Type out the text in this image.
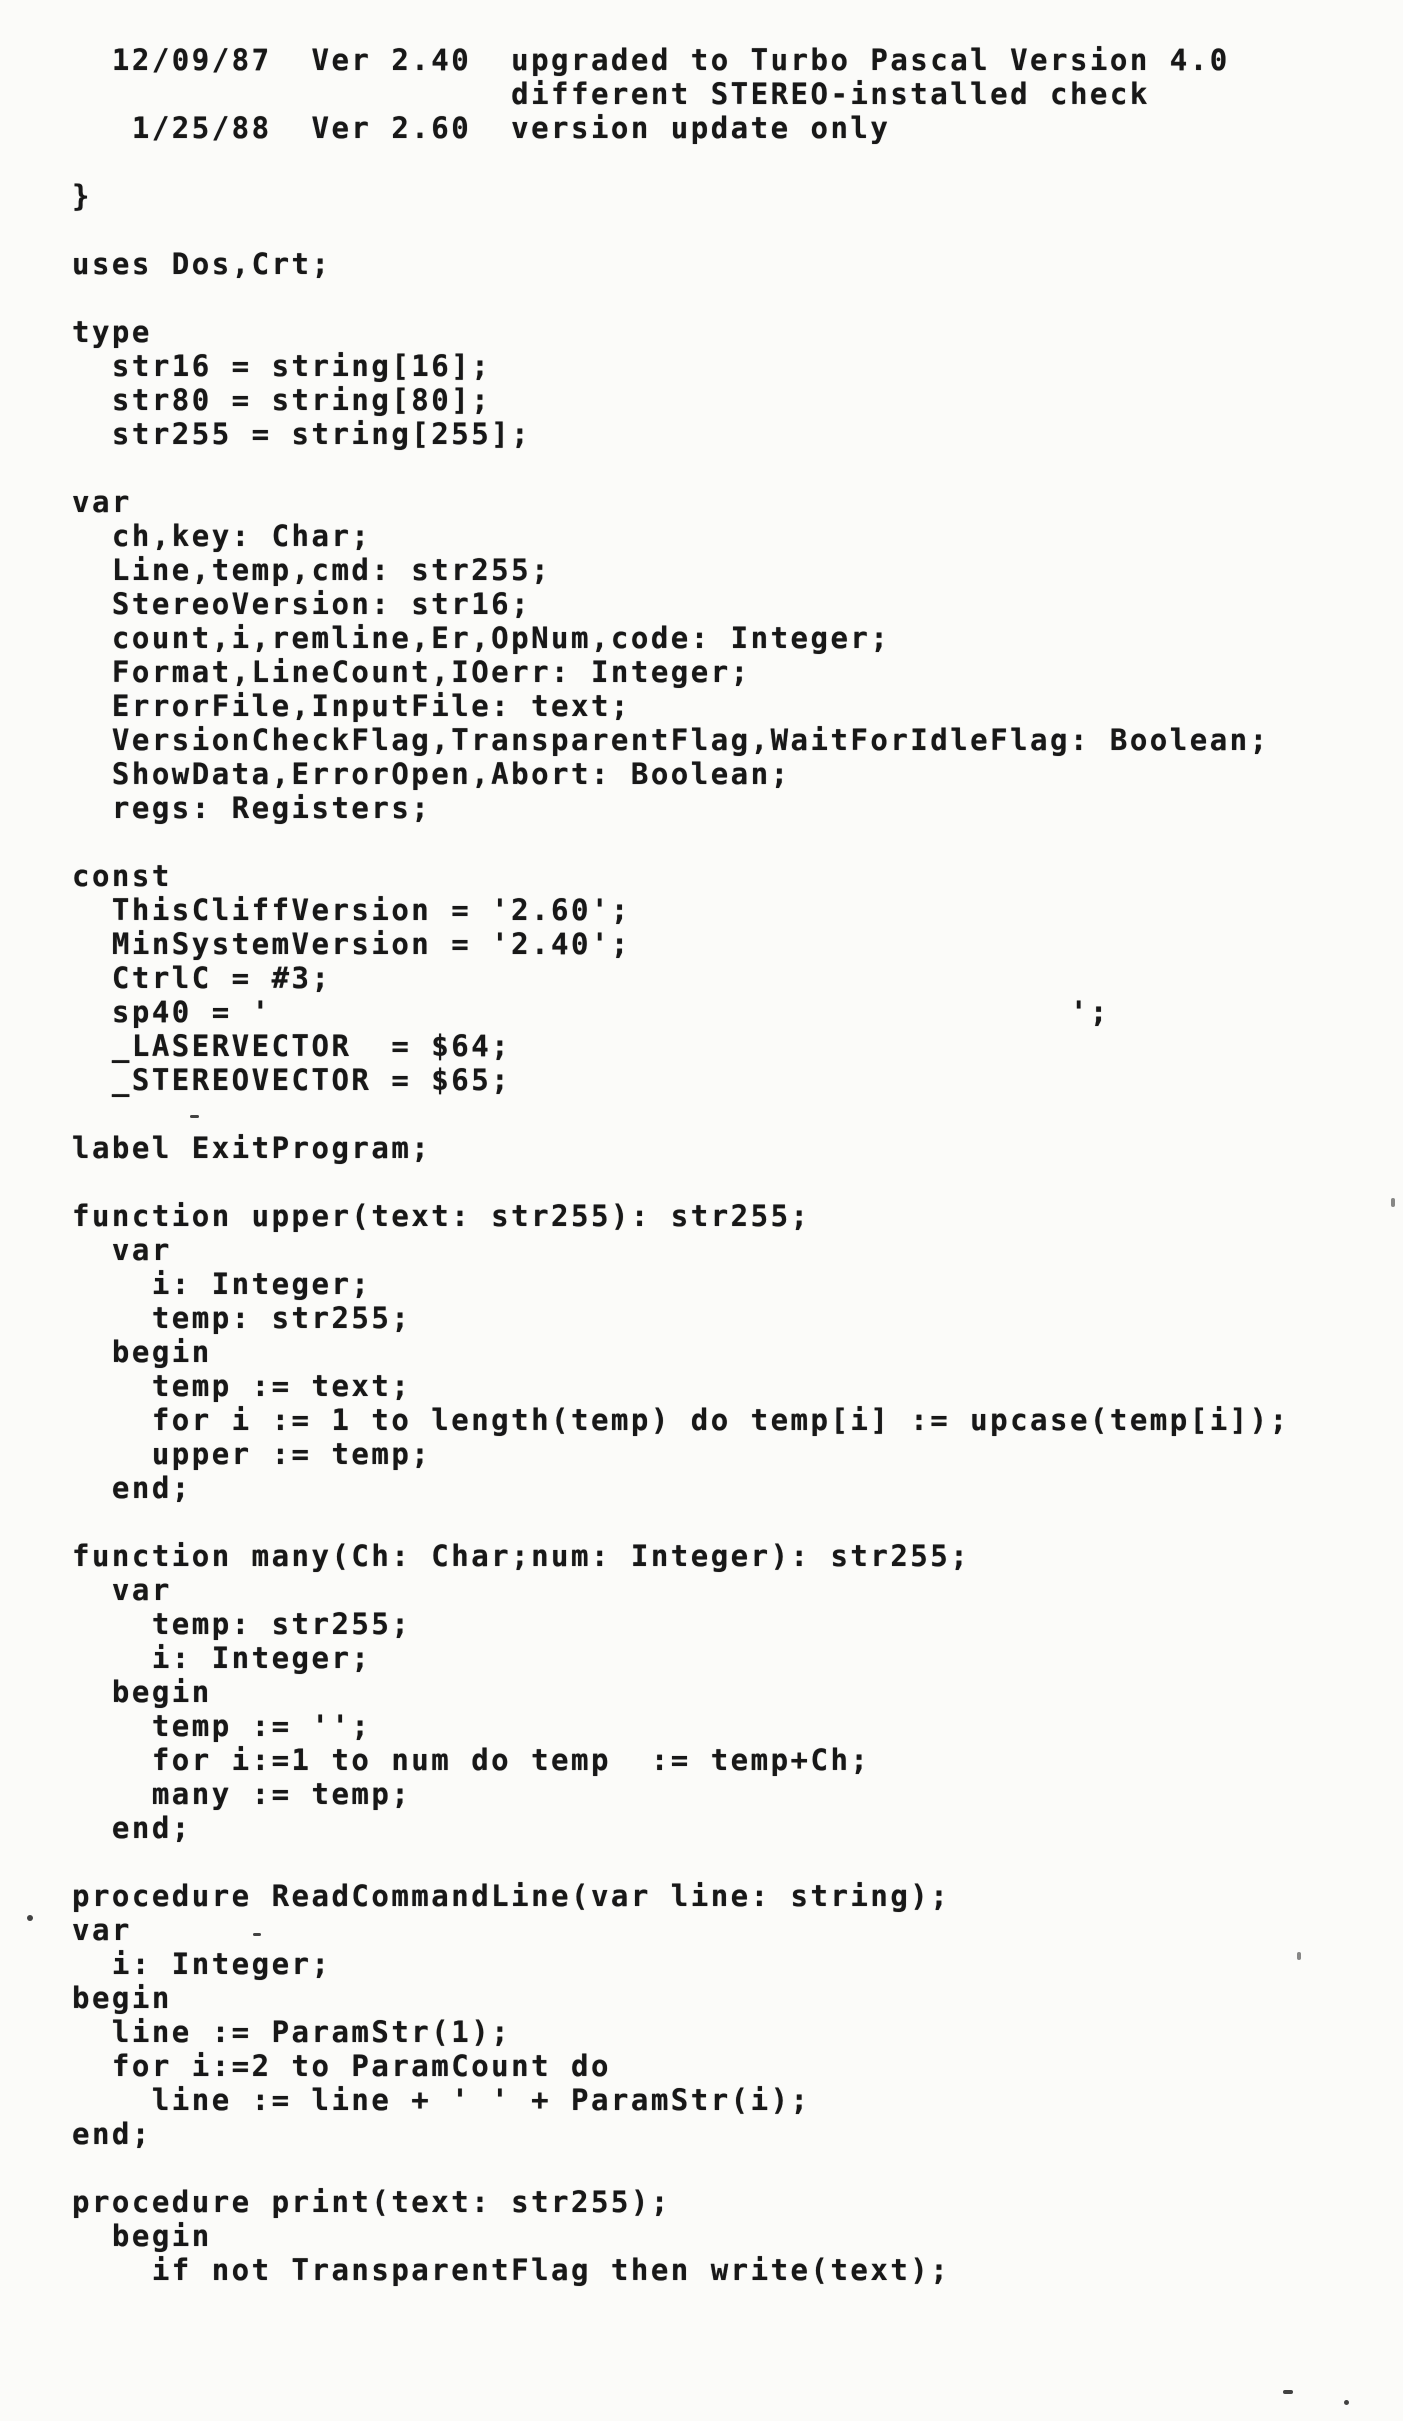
12/09/87  Ver 2.40  upgraded to Turbo Pascal Version 4.0
different STEREO-installed check
1/25/88  Ver 2.60  version update only
}
uses Dos,Crt;
type
str16 = string[16];
str80 = string[80];
str255 = string[255];
var
ch,key: Char;
Line,temp,cmd: str255;
StereoVersion: str16;
count,i,remline,Er,OpNum,code: Integer;
Format,LineCount,IOerr: Integer;
ErrorFile,InputFile: text;
VersionCheckFlag,TransparentFlag,WaitForIdleFlag: Boolean;
ShowData,ErrorOpen,Abort: Boolean;
regs: Registers;
const
ThisCliffVersion = '2.60';
MinSystemVersion = '2.40';
CtrlC = #3;
sp40 = '                                        ';
_LASERVECTOR  = $64;
_STEREOVECTOR = $65;
label ExitProgram;
function upper(text: str255): str255;
var
i: Integer;
temp: str255;
begin
temp := text;
for i := 1 to length(temp) do temp[i] := upcase(temp[i]);
upper := temp;
end;
function many(Ch: Char;num: Integer): str255;
var
temp: str255;
i: Integer;
begin
temp := '';
for i:=1 to num do temp  := temp+Ch;
many := temp;
end;
procedure ReadCommandLine(var line: string);
var
i: Integer;
begin
line := ParamStr(1);
for i:=2 to ParamCount do
line := line + ' ' + ParamStr(i);
end;
procedure print(text: str255);
begin
if not TransparentFlag then write(text);
